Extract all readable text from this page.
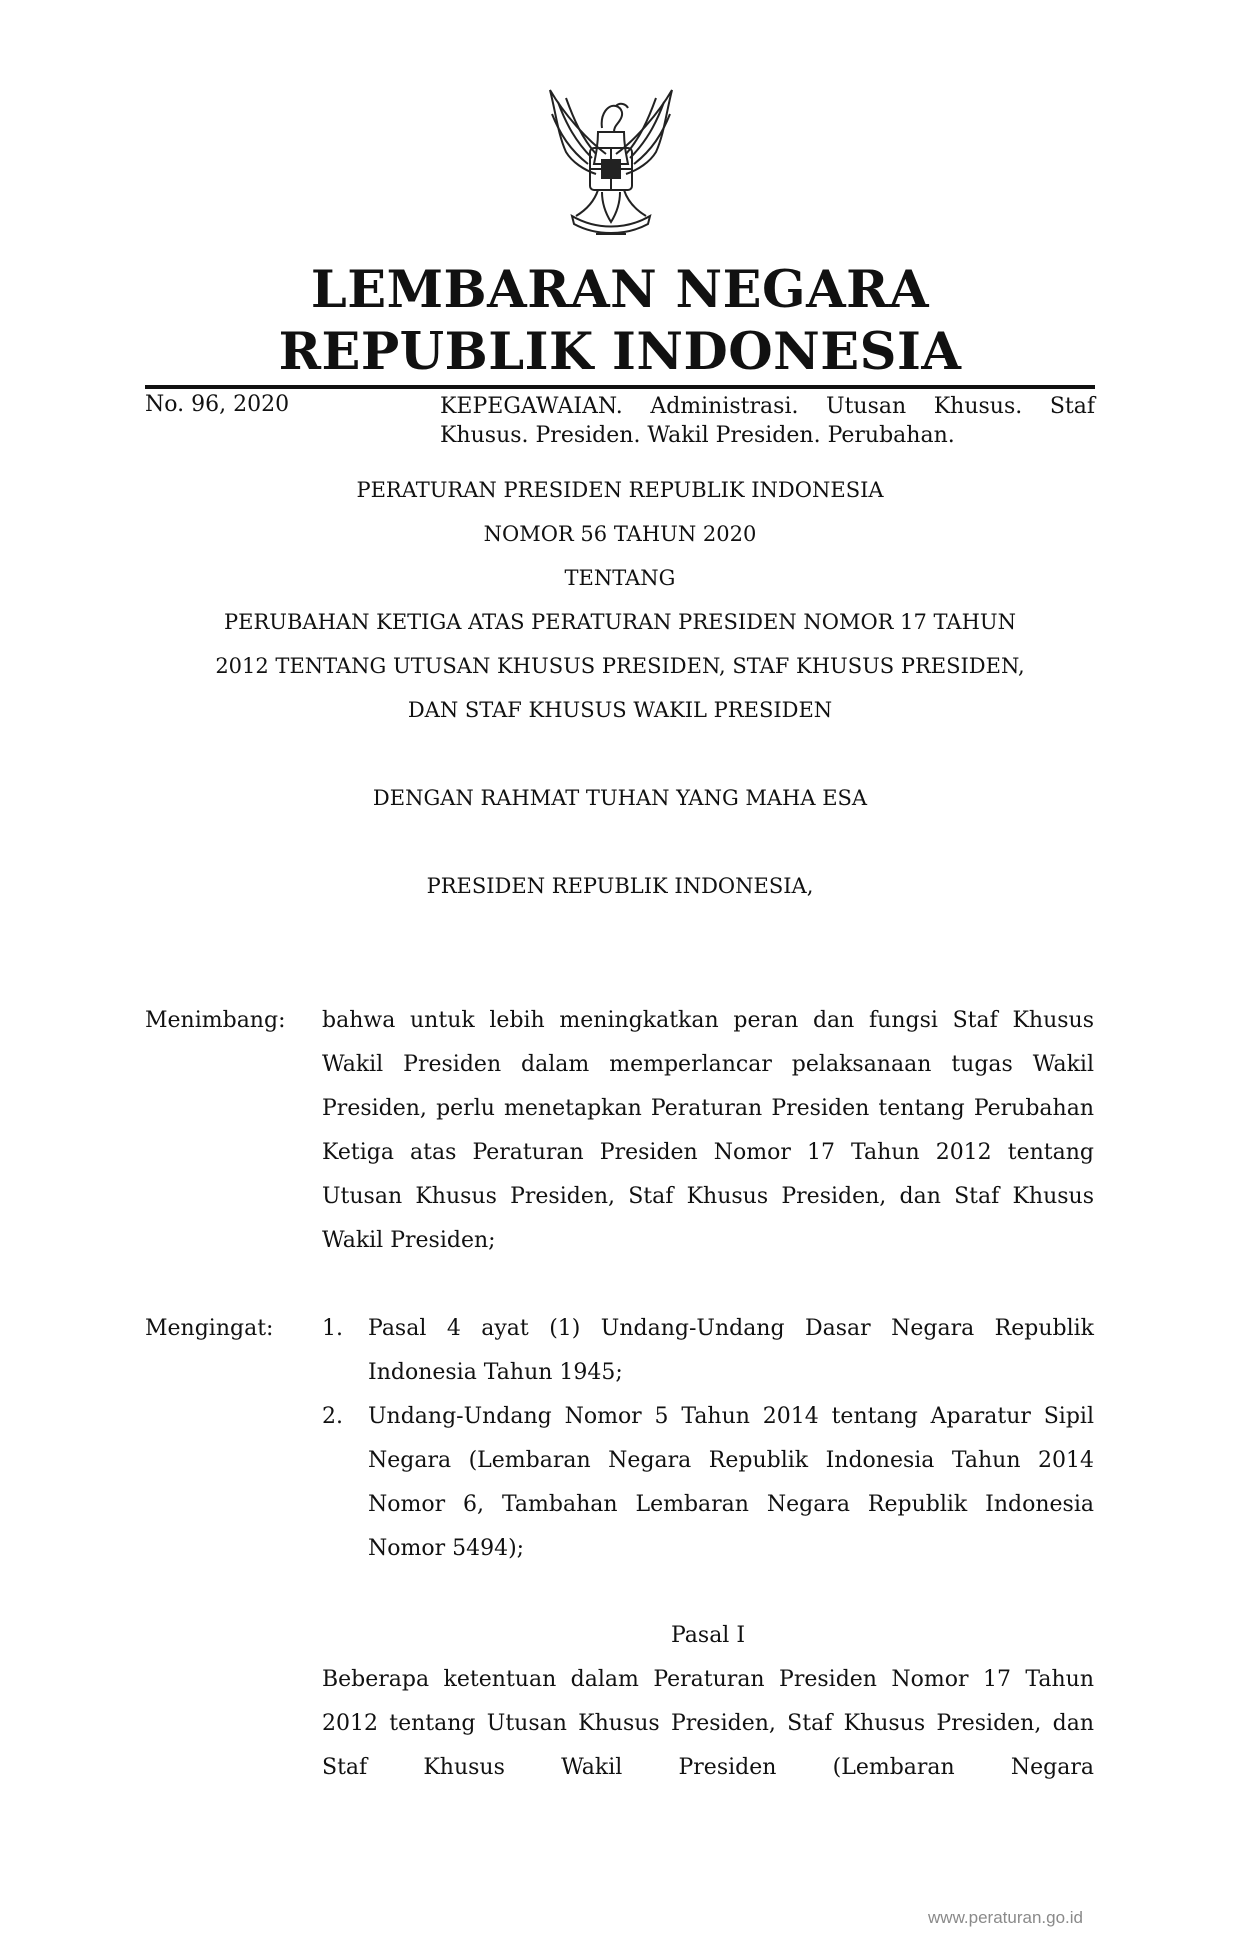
LEMBARAN NEGARA
REPUBLIK INDONESIA
No. 96, 2020	KEPEGAWAIAN. Administrasi. Utusan Khusus. Staf Khusus. Presiden. Wakil Presiden. Perubahan.
PERATURAN PRESIDEN REPUBLIK INDONESIA
NOMOR 56 TAHUN 2020
TENTANG
PERUBAHAN KETIGA ATAS PERATURAN PRESIDEN NOMOR 17 TAHUN
2012 TENTANG UTUSAN KHUSUS PRESIDEN, STAF KHUSUS PRESIDEN,
DAN STAF KHUSUS WAKIL PRESIDEN
DENGAN RAHMAT TUHAN YANG MAHA ESA
PRESIDEN REPUBLIK INDONESIA,
Menimbang: bahwa untuk lebih meningkatkan peran dan fungsi Staf Khusus Wakil Presiden dalam memperlancar pelaksanaan tugas Wakil Presiden, perlu menetapkan Peraturan Presiden tentang Perubahan Ketiga atas Peraturan Presiden Nomor 17 Tahun 2012 tentang Utusan Khusus Presiden, Staf Khusus Presiden, dan Staf Khusus Wakil Presiden;
Mengingat: 1. Pasal 4 ayat (1) Undang-Undang Dasar Negara Republik Indonesia Tahun 1945;
2. Undang-Undang Nomor 5 Tahun 2014 tentang Aparatur Sipil Negara (Lembaran Negara Republik Indonesia Tahun 2014 Nomor 6, Tambahan Lembaran Negara Republik Indonesia Nomor 5494);
Pasal I
Beberapa ketentuan dalam Peraturan Presiden Nomor 17 Tahun 2012 tentang Utusan Khusus Presiden, Staf Khusus Presiden, dan Staf Khusus Wakil Presiden (Lembaran Negara
www.peraturan.go.id
